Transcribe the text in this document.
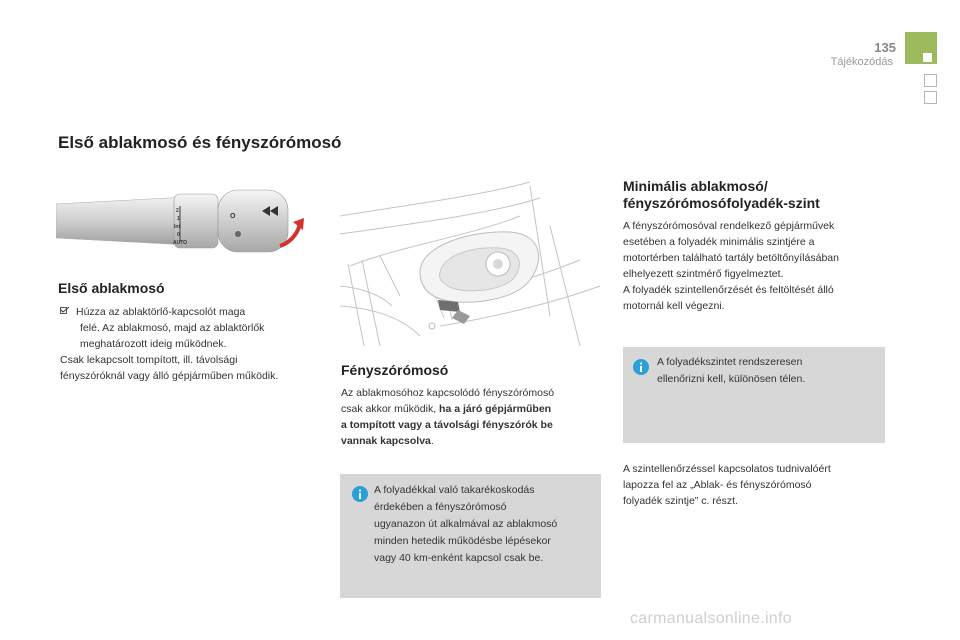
135
Tájékozódás
Első ablakmosó és fényszórómosó
2
1
Int
0
AUTO
O
Első ablakmosó
Húzza az ablaktörlő-kapcsolót maga
felé. Az ablakmosó, majd az ablaktörlők
meghatározott ideig működnek.
Csak lekapcsolt tompított, ill. távolsági
fényszóróknál vagy álló gépjárműben működik.	Fényszórómosó
Az ablakmosóhoz kapcsolódó fényszórómosó
csak akkor működik, ha a járó gépjárműben
a tompított vagy a távolsági fényszórók be
vannak kapcsolva.
A folyadékkal való takarékoskodás
érdekében a fényszórómosó
ugyanazon út alkalmával az ablakmosó
minden hetedik működésbe lépésekor
vagy 40 km-enként kapcsol csak be.
Minimális ablakmosó/
fényszórómosófolyadék-szint
A fényszórómosóval rendelkező gépjárművek
esetében a folyadék minimális szintjére a
motortérben található tartály betöltőnyílásában
elhelyezett szintmérő figyelmeztet.
A folyadék szintellenőrzését és feltöltését álló
motornál kell végezni.
A folyadékszintet rendszeresen
ellenőrizni kell, különösen télen.
A szintellenőrzéssel kapcsolatos tudnivalóért
lapozza fel az „Ablak- és fényszórómosó
folyadék szintje” c. részt.
carmanualsonline.info
